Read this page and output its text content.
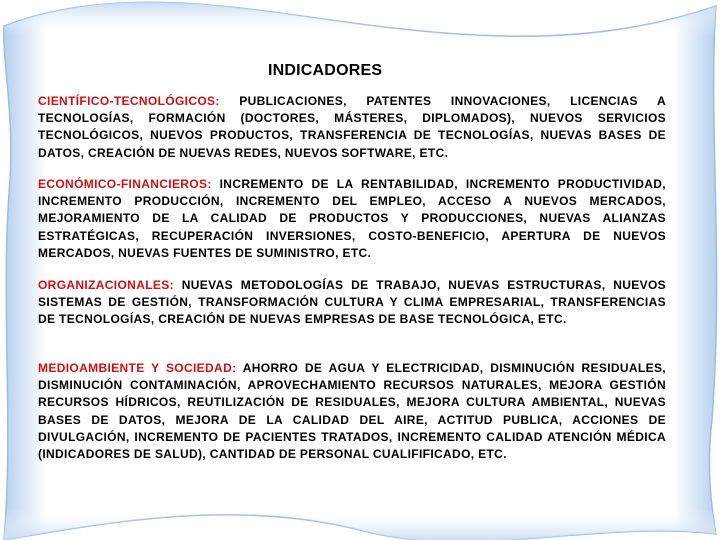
INDICADORES
CIENTÍFICO-TECNOLÓGICOS: PUBLICACIONES, PATENTES INNOVACIONES, LICENCIAS A TECNOLOGÍAS, FORMACIÓN (DOCTORES, MÁSTERES, DIPLOMADOS), NUEVOS SERVICIOS TECNOLÓGICOS, NUEVOS PRODUCTOS, TRANSFERENCIA DE TECNOLOGÍAS, NUEVAS BASES DE DATOS, CREACIÓN DE NUEVAS REDES, NUEVOS SOFTWARE, ETC.
ECONÓMICO-FINANCIEROS: INCREMENTO DE LA RENTABILIDAD, INCREMENTO PRODUCTIVIDAD, INCREMENTO PRODUCCIÓN, INCREMENTO DEL EMPLEO, ACCESO A NUEVOS MERCADOS, MEJORAMIENTO DE LA CALIDAD DE PRODUCTOS Y PRODUCCIONES, NUEVAS ALIANZAS ESTRATÉGICAS, RECUPERACIÓN INVERSIONES, COSTO-BENEFICIO, APERTURA DE NUEVOS MERCADOS, NUEVAS FUENTES DE SUMINISTRO, ETC.
ORGANIZACIONALES: NUEVAS METODOLOGÍAS DE TRABAJO, NUEVAS ESTRUCTURAS, NUEVOS SISTEMAS DE GESTIÓN, TRANSFORMACIÓN CULTURA Y CLIMA EMPRESARIAL, TRANSFERENCIAS DE TECNOLOGÍAS, CREACIÓN DE NUEVAS EMPRESAS DE BASE TECNOLÓGICA, ETC.
MEDIOAMBIENTE Y SOCIEDAD: AHORRO DE AGUA Y ELECTRICIDAD, DISMINUCIÓN RESIDUALES, DISMINUCIÓN CONTAMINACIÓN, APROVECHAMIENTO RECURSOS NATURALES, MEJORA GESTIÓN RECURSOS HÍDRICOS, REUTILIZACIÓN DE RESIDUALES, MEJORA CULTURA AMBIENTAL, NUEVAS BASES DE DATOS, MEJORA DE LA CALIDAD DEL AIRE, ACTITUD PUBLICA, ACCIONES DE DIVULGACIÓN, INCREMENTO DE PACIENTES TRATADOS, INCREMENTO CALIDAD ATENCIÓN MÉDICA (INDICADORES DE SALUD), CANTIDAD DE PERSONAL CUALIFIFICADO, ETC.
